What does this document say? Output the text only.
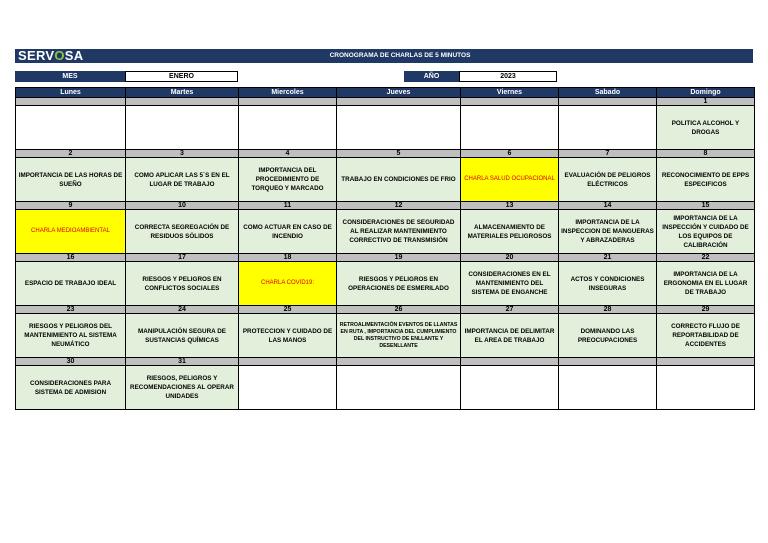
SERVOSA	CRONOGRAMA DE CHARLAS DE 5 MINUTOS
MES	ENERO	AÑO	2023
Lunes	Martes	Miercoles	Jueves	Viernes	Sabado	Domingo
						1
						POLITICA ALCOHOL Y DROGAS
2	3	4	5	6	7	8
IMPORTANCIA DE LAS HORAS DE SUEÑO	COMO APLICAR LAS 5´S EN EL LUGAR DE TRABAJO	IMPORTANCIA DEL PROCEDIMIENTO DE TORQUEO Y MARCADO	TRABAJO EN CONDICIONES DE FRIO	CHARLA SALUD OCUPACIONAL	EVALUACIÓN DE PELIGROS ELÉCTRICOS	RECONOCIMIENTO DE EPPS ESPECIFICOS
9	10	11	12	13	14	15
CHARLA MEDIOAMBIENTAL	CORRECTA SEGREGACIÓN DE RESIDUOS SÓLIDOS	COMO ACTUAR EN CASO DE INCENDIO	CONSIDERACIONES DE SEGURIDAD AL REALIZAR MANTENIMIENTO CORRECTIVO DE TRANSMISIÓN	ALMACENAMIENTO DE MATERIALES PELIGROSOS	IMPORTANCIA DE LA INSPECCION DE MANGUERAS Y ABRAZADERAS	IMPORTANCIA DE LA INSPECCIÓN Y CUIDADO DE LOS EQUIPOS DE CALIBRACIÓN
16	17	18	19	20	21	22
ESPACIO DE TRABAJO IDEAL	RIESGOS Y PELIGROS EN CONFLICTOS SOCIALES	CHARLA COVID19:	RIESGOS Y PELIGROS EN OPERACIONES DE ESMERILADO	CONSIDERACIONES EN EL MANTENIMIENTO DEL SISTEMA DE ENGANCHE	ACTOS Y CONDICIONES INSEGURAS	IMPORTANCIA DE LA ERGONOMIA EN EL LUGAR DE TRABAJO
23	24	25	26	27	28	29
RIESGOS Y PELIGROS DEL MANTENIMIENTO AL SISTEMA NEUMÁTICO	MANIPULACIÓN SEGURA DE SUSTANCIAS QUÍMICAS	PROTECCION Y CUIDADO DE LAS MANOS	RETROALIMENTACIÓN EVENTOS DE LLANTAS EN RUTA , IMPORTANCIA DEL CUMPLIMIENTO DEL INSTRUCTIVO DE ENLLANTE Y DESENLLANTE	IMPORTANCIA DE DELIMITAR EL AREA DE TRABAJO	DOMINANDO LAS PREOCUPACIONES	CORRECTO FLUJO DE REPORTABILIDAD DE ACCIDENTES
30	31					
CONSIDERACIONES PARA SISTEMA DE ADMISION	RIESGOS, PELIGROS Y RECOMENDACIONES AL OPERAR UNIDADES					
